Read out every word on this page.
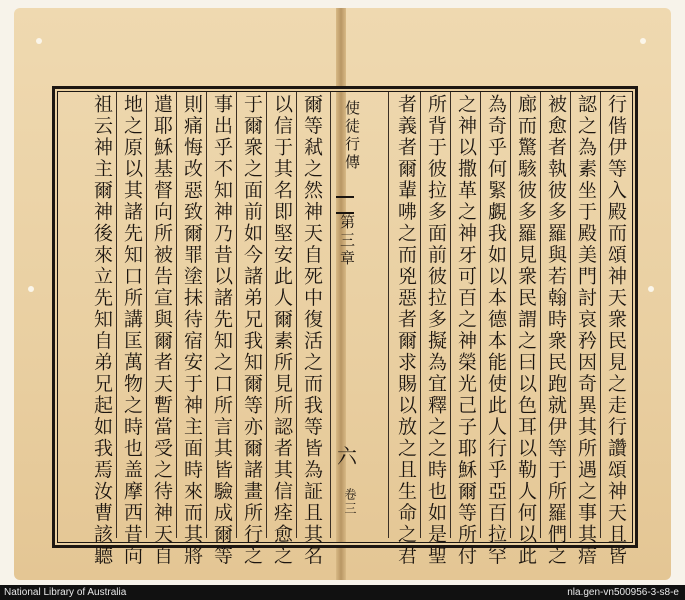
行偕伊等入殿而頌神天衆民見之走行讚頌神天且皆
認之為素坐于殿美門討哀矜因奇異其所遇之事其瘖
被愈者執彼多羅與若翰時衆民跑就伊等于所羅們之
廊而驚駭彼多羅見衆民謂之曰以色耳以勒人何以此
為奇乎何緊覷我如以本德本能使此人行乎亞百拉罕
之神以撒革之神牙可百之神榮光己子耶穌爾等所付
所背于彼拉多面前彼拉多擬為宜釋之之時也如是聖
者義者爾輩咈之而兇惡者爾求賜以放之且生命之君
使徒行傳
第三章
六
卷三
爾等弒之然神天自死中復活之而我等皆為証且其名
以信于其名即堅安此人爾素所見所認者其信痊愈之
于爾衆之面前如今諸弟兄我知爾等亦爾諸畫所行之
事出乎不知神乃昔以諸先知之口所言其皆驗成爾等
則痛悔改惡致爾罪塗抹待宿安于神主面時來而其將
遣耶穌基督向所被告宣與爾者天暫當受之待神天自
地之原以其諸先知口所講匡萬物之時也盖摩西昔向
祖云神主爾神後來立先知自弟兄起如我焉汝曹該聽
National Library of Australia	nla.gen-vn500956-3-s8-e
